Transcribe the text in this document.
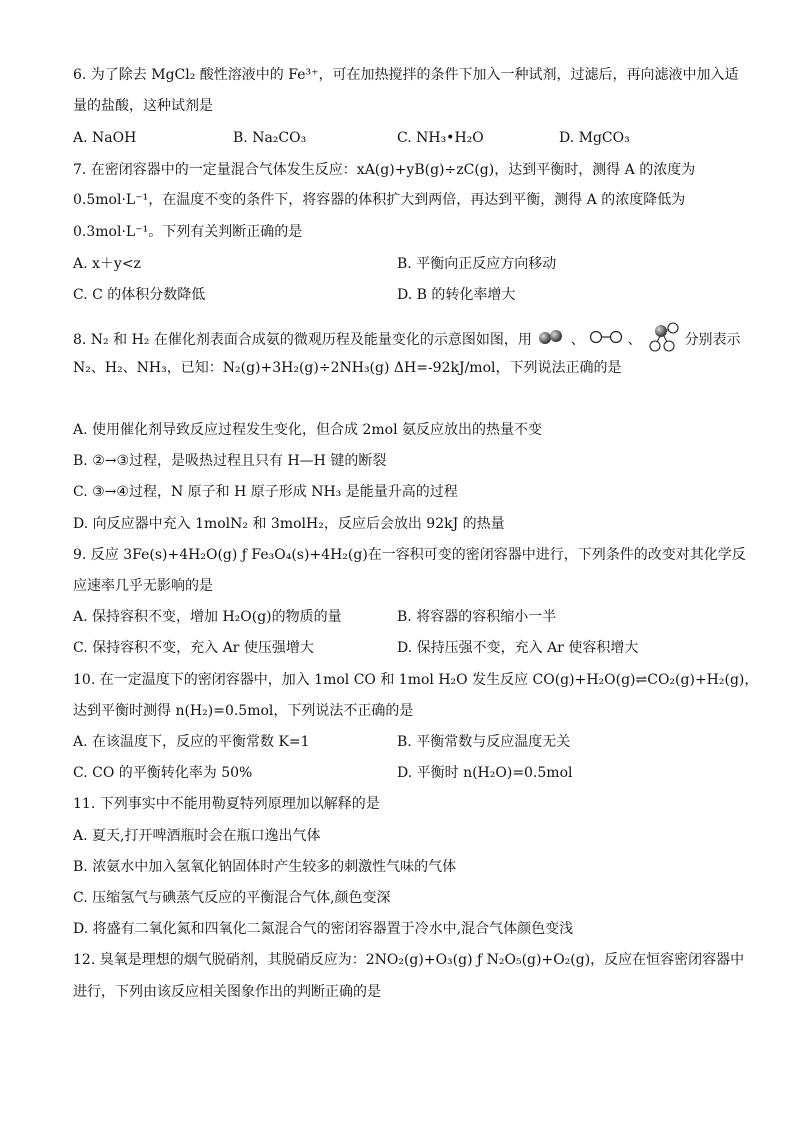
6. 为了除去 MgCl₂ 酸性溶液中的 Fe³⁺，可在加热搅拌的条件下加入一种试剂，过滤后，再向滤液中加入适
量的盐酸，这种试剂是
A. NaOH	B. Na₂CO₃	C. NH₃•H₂O	D. MgCO₃
7. 在密闭容器中的一定量混合气体发生反应：xA(g)+yB(g)÷zC(g)，达到平衡时，测得 A 的浓度为
0.5mol·L⁻¹，在温度不变的条件下，将容器的体积扩大到两倍，再达到平衡，测得 A 的浓度降低为
0.3mol·L⁻¹。下列有关判断正确的是
A. x＋y<z	B. 平衡向正反应方向移动
C. C 的体积分数降低	D. B 的转化率增大
8. N₂ 和 H₂ 在催化剂表面合成氨的微观历程及能量变化的示意图如图，用	、	、	分别表示
N₂、H₂、NH₃，已知：N₂(g)+3H₂(g)÷2NH₃(g) ΔH=-92kJ/mol，下列说法正确的是
A. 使用催化剂导致反应过程发生变化，但合成 2mol 氨反应放出的热量不变
B. ②→③过程，是吸热过程且只有 H—H 键的断裂
C. ③→④过程，N 原子和 H 原子形成 NH₃ 是能量升高的过程
D. 向反应器中充入 1molN₂ 和 3molH₂，反应后会放出 92kJ 的热量
9. 反应 3Fe(s)+4H₂O(g) ƒ Fe₃O₄(s)+4H₂(g)在一容积可变的密闭容器中进行，下列条件的改变对其化学反
应速率几乎无影响的是
A. 保持容积不变，增加 H₂O(g)的物质的量	B. 将容器的容积缩小一半
C. 保持容积不变，充入 Ar 使压强增大	D. 保持压强不变，充入 Ar 使容积增大
10. 在一定温度下的密闭容器中，加入 1mol CO 和 1mol H₂O 发生反应 CO(g)+H₂O(g)⇌CO₂(g)+H₂(g)，
达到平衡时测得 n(H₂)=0.5mol，下列说法不正确的是
A. 在该温度下，反应的平衡常数 K=1	B. 平衡常数与反应温度无关
C. CO 的平衡转化率为 50%	D. 平衡时 n(H₂O)=0.5mol
11. 下列事实中不能用勒夏特列原理加以解释的是
A. 夏天,打开啤酒瓶时会在瓶口逸出气体
B. 浓氨水中加入氢氧化钠固体时产生较多的刺激性气味的气体
C. 压缩氢气与碘蒸气反应的平衡混合气体,颜色变深
D. 将盛有二氧化氮和四氧化二氮混合气的密闭容器置于冷水中,混合气体颜色变浅
12. 臭氧是理想的烟气脱硝剂，其脱硝反应为：2NO₂(g)+O₃(g) ƒ N₂O₅(g)+O₂(g)，反应在恒容密闭容器中
进行，下列由该反应相关图象作出的判断正确的是
